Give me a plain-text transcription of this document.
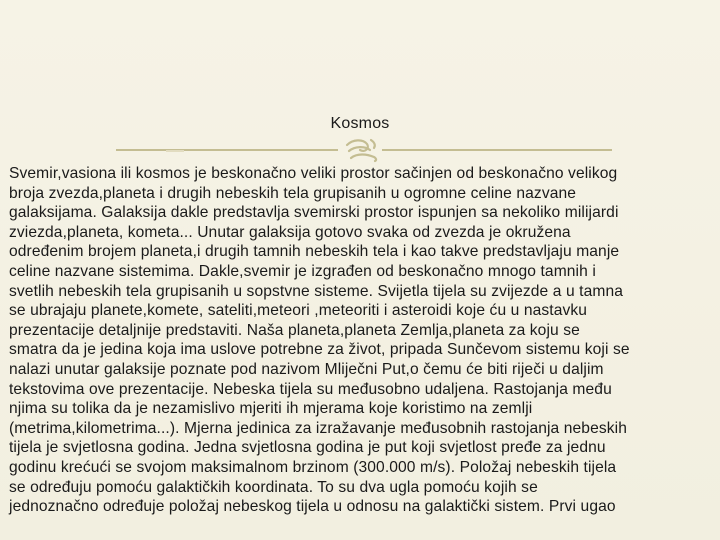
Kosmos
Svemir,vasiona ili kosmos je beskonačno veliki prostor sačinjen od beskonačno velikog
broja zvezda,planeta i drugih nebeskih tela grupisanih u ogromne celine nazvane
galaksijama. Galaksija dakle predstavlja svemirski prostor ispunjen sa nekoliko milijardi
zviezda,planeta, kometa... Unutar galaksija gotovo svaka od zvezda je okružena
određenim brojem planeta,i drugih tamnih nebeskih tela i kao takve predstavljaju manje
celine nazvane sistemima. Dakle,svemir je izgrađen od beskonačno mnogo tamnih i
svetlih nebeskih tela grupisanih u sopstvne sisteme. Svijetla tijela su zvijezde a u tamna
se ubrajaju planete,komete, sateliti,meteori ,meteoriti i asteroidi koje ću u nastavku
prezentacije detaljnije predstaviti. Naša planeta,planeta Zemlja,planeta za koju se
smatra da je jedina koja ima uslove potrebne za život, pripada Sunčevom sistemu koji se
nalazi unutar galaksije poznate pod nazivom Mliječni Put,o čemu će biti riječi u daljim
tekstovima ove prezentacije. Nebeska tijela su međusobno udaljena. Rastojanja među
njima su tolika da je nezamislivo mjeriti ih mjerama koje koristimo na zemlji
(metrima,kilometrima...). Mjerna jedinica za izražavanje međusobnih rastojanja nebeskih
tijela je svjetlosna godina. Jedna svjetlosna godina je put koji svjetlost pređe za jednu
godinu krećući se svojom maksimalnom brzinom (300.000 m/s). Položaj nebeskih tijela
se određuju pomoću galaktičkih koordinata. To su dva ugla pomoću kojih se
jednoznačno određuje položaj nebeskog tijela u odnosu na galaktički sistem. Prvi ugao
